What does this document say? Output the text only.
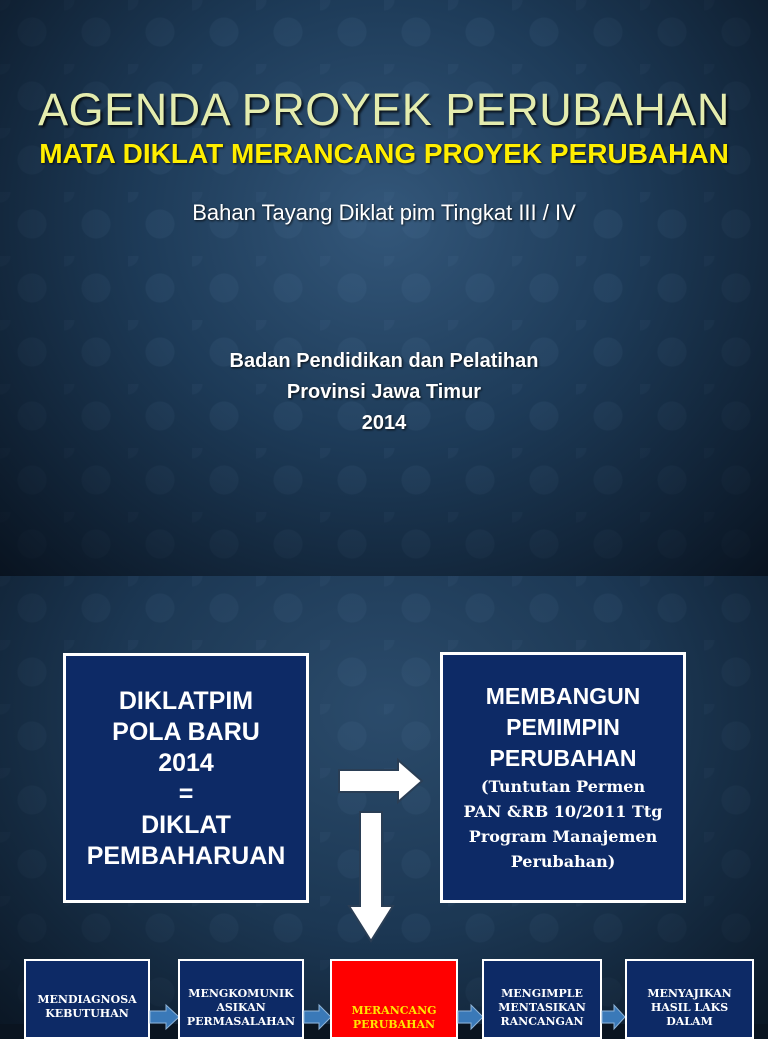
AGENDA PROYEK PERUBAHAN
MATA DIKLAT MERANCANG PROYEK PERUBAHAN
Bahan Tayang Diklat pim Tingkat III / IV
Badan Pendidikan dan Pelatihan
Provinsi Jawa Timur
2014
DIKLATPIM
POLA BARU
2014
=
DIKLAT
PEMBAHARUAN
MEMBANGUN
PEMIMPIN
PERUBAHAN
(Tuntutan Permen
PAN &RB 10/2011 Ttg
Program Manajemen
Perubahan)
MENDIAGNOSA
KEBUTUHAN
MENGKOMUNIK
ASIKAN
PERMASALAHAN
MERANCANG
PERUBAHAN
MENGIMPLE
MENTASIKAN
RANCANGAN
MENYAJIKAN
HASIL LAKS
DALAM
